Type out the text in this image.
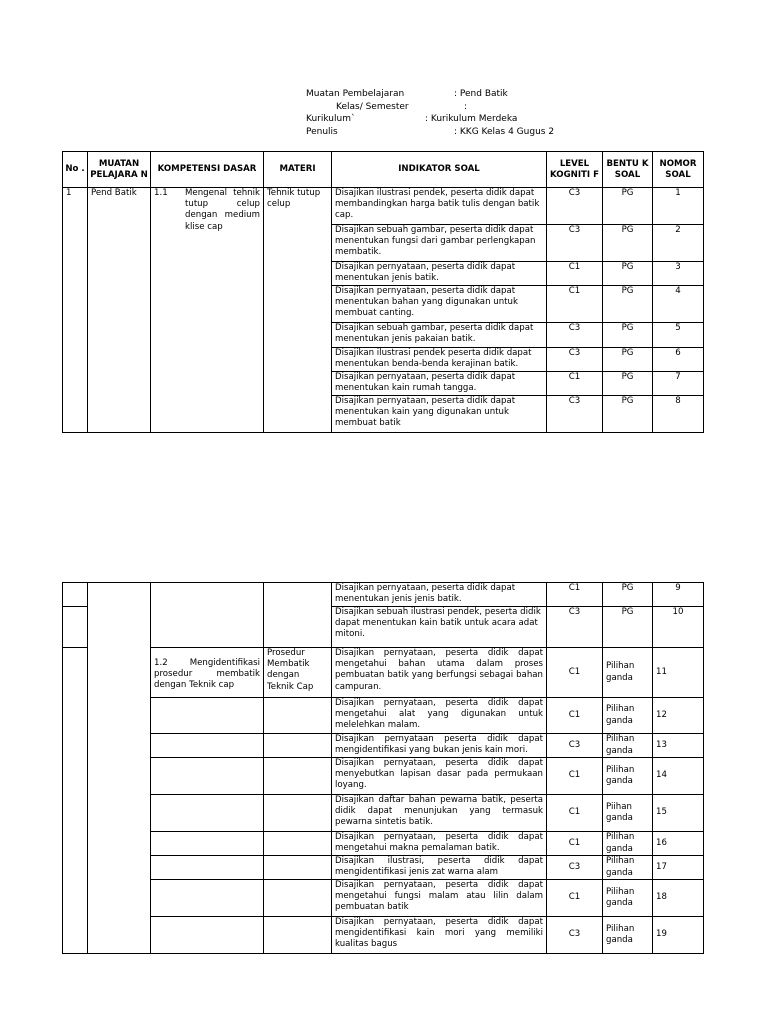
Muatan Pembelajaran	: Pend Batik
Kelas/ Semester	:
Kurikulum`	: Kurikulum Merdeka
Penulis	: KKG Kelas 4 Gugus 2
No .	MUATAN PELAJARA N	KOMPETENSI DASAR	MATERI	INDIKATOR SOAL	LEVEL KOGNITI F	BENTU K SOAL	NOMOR SOAL
1	Pend Batik	1.1 Mengenal tehnik tutup celup dengan medium klise cap	Tehnik tutup celup	Disajikan ilustrasi pendek, peserta didik dapat membandingkan harga batik tulis dengan batik cap.	C3	PG	1
				Disajikan sebuah gambar, peserta didik dapat menentukan fungsi dari gambar perlengkapan membatik.	C3	PG	2
				Disajikan pernyataan, peserta didik dapat menentukan jenis batik.	C1	PG	3
				Disajikan pernyataan, peserta didik dapat menentukan bahan yang digunakan untuk membuat canting.	C1	PG	4
				Disajikan sebuah gambar, peserta didik dapat menentukan jenis pakaian batik.	C3	PG	5
				Disajikan ilustrasi pendek peserta didik dapat menentukan benda-benda kerajinan batik.	C3	PG	6
				Disajikan pernyataan, peserta didik dapat menentukan kain rumah tangga.	C1	PG	7
				Disajikan pernyataan, peserta didik dapat menentukan kain yang digunakan untuk membuat batik	C3	PG	8
				Disajikan pernyataan, peserta didik dapat menentukan jenis jenis batik.	C1	PG	9
				Disajikan sebuah ilustrasi pendek, peserta didik dapat menentukan kain batik untuk acara adat mitoni.	C3	PG	10
		1.2 Mengidentifikasi prosedur membatik dengan Teknik cap	Prosedur Membatik dengan Teknik Cap	Disajikan pernyataan, peserta didik dapat mengetahui bahan utama dalam proses pembuatan batik yang berfungsi sebagai bahan campuran.	C1	Pilihan ganda	11
				Disajikan pernyataan, peserta didik dapat mengetahui alat yang digunakan untuk melelehkan malam.	C1	Pilihan ganda	12
				Disajikan pernyataan peserta didik dapat mengidentifikasi yang bukan jenis kain mori.	C3	Pilihan ganda	13
				Disajikan pernyataan, peserta didik dapat menyebutkan lapisan dasar pada permukaan loyang.	C1	Pilihan ganda	14
				Disajikan daftar bahan pewarna batik, peserta didik dapat menunjukan yang termasuk pewarna sintetis batik.	C1	Piihan ganda	15
				Disajikan pernyataan, peserta didik dapat mengetahui makna pemalaman batik.	C1	Pilihan ganda	16
				Disajikan ilustrasi, peserta didik dapat mengidentifikasi jenis zat warna alam	C3	Pilihan ganda	17
				Disajikan pernyataan, peserta didik dapat mengetahui fungsi malam atau lilin dalam pembuatan batik	C1	Pilihan ganda	18
				Disajikan pernyataan, peserta didik dapat mengidentifikasi kain mori yang memiliki kualitas bagus	C3	Pilihan ganda	19
